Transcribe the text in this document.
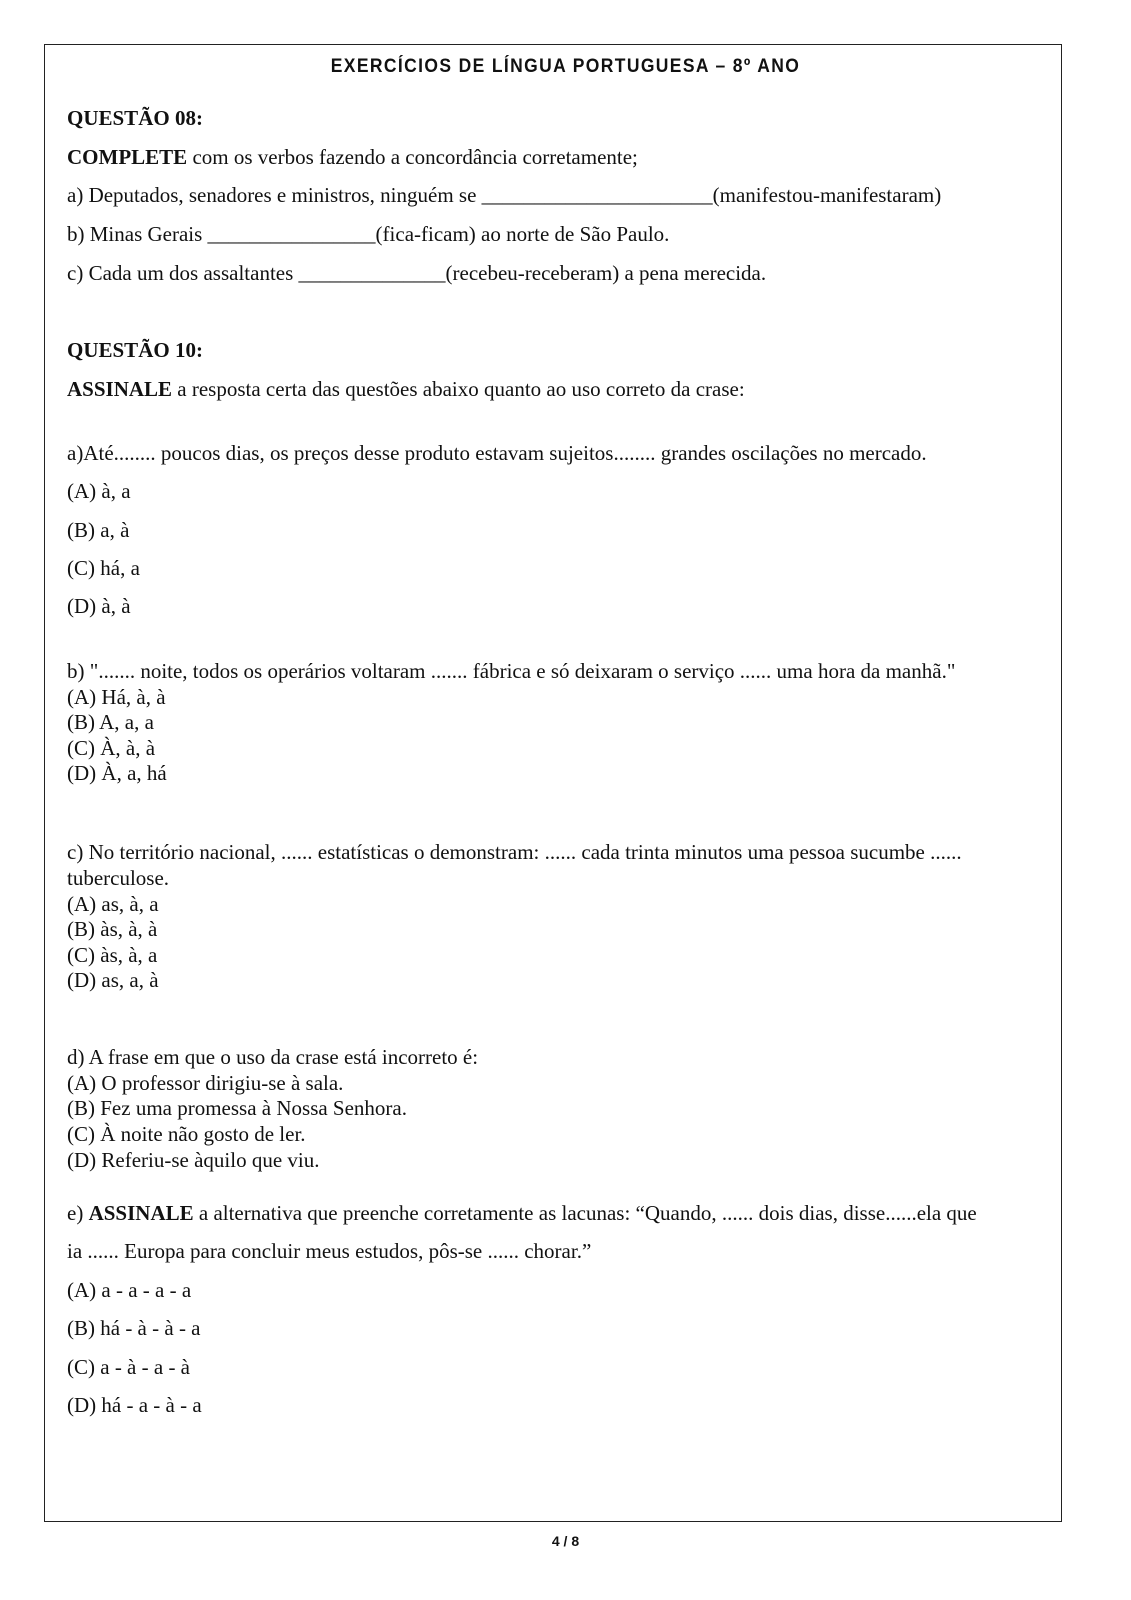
EXERCÍCIOS DE LÍNGUA PORTUGUESA – 8º ANO
QUESTÃO 08:
COMPLETE com os verbos fazendo a concordância corretamente;
a) Deputados, senadores e ministros, ninguém se ______________________(manifestou-manifestaram)
b) Minas Gerais ________________(fica-ficam) ao norte de São Paulo.
c) Cada um dos assaltantes ______________(recebeu-receberam) a pena merecida.
QUESTÃO 10:
ASSINALE a resposta certa das questões abaixo quanto ao uso correto da crase:
a)Até........ poucos dias, os preços desse produto estavam sujeitos........ grandes oscilações no mercado.
(A) à, a
(B) a, à
(C) há, a
(D) à, à
b) "....... noite, todos os operários voltaram ....... fábrica e só deixaram o serviço ...... uma hora da manhã."
(A) Há, à, à
(B) A, a, a
(C) À, à, à
(D) À, a, há
c) No território nacional, ...... estatísticas o demonstram: ...... cada trinta minutos uma pessoa sucumbe ......
tuberculose.
(A) as, à, a
(B) às, à, à
(C) às, à, a
(D) as, a, à
d) A frase em que o uso da crase está incorreto é:
(A) O professor dirigiu-se à sala.
(B) Fez uma promessa à Nossa Senhora.
(C) À noite não gosto de ler.
(D) Referiu-se àquilo que viu.
e) ASSINALE a alternativa que preenche corretamente as lacunas: “Quando, ...... dois dias, disse......ela que
ia ...... Europa para concluir meus estudos, pôs-se ...... chorar.”
(A) a - a - a - a
(B) há - à - à - a
(C) a - à - a - à
(D) há - a - à - a
4 / 8
